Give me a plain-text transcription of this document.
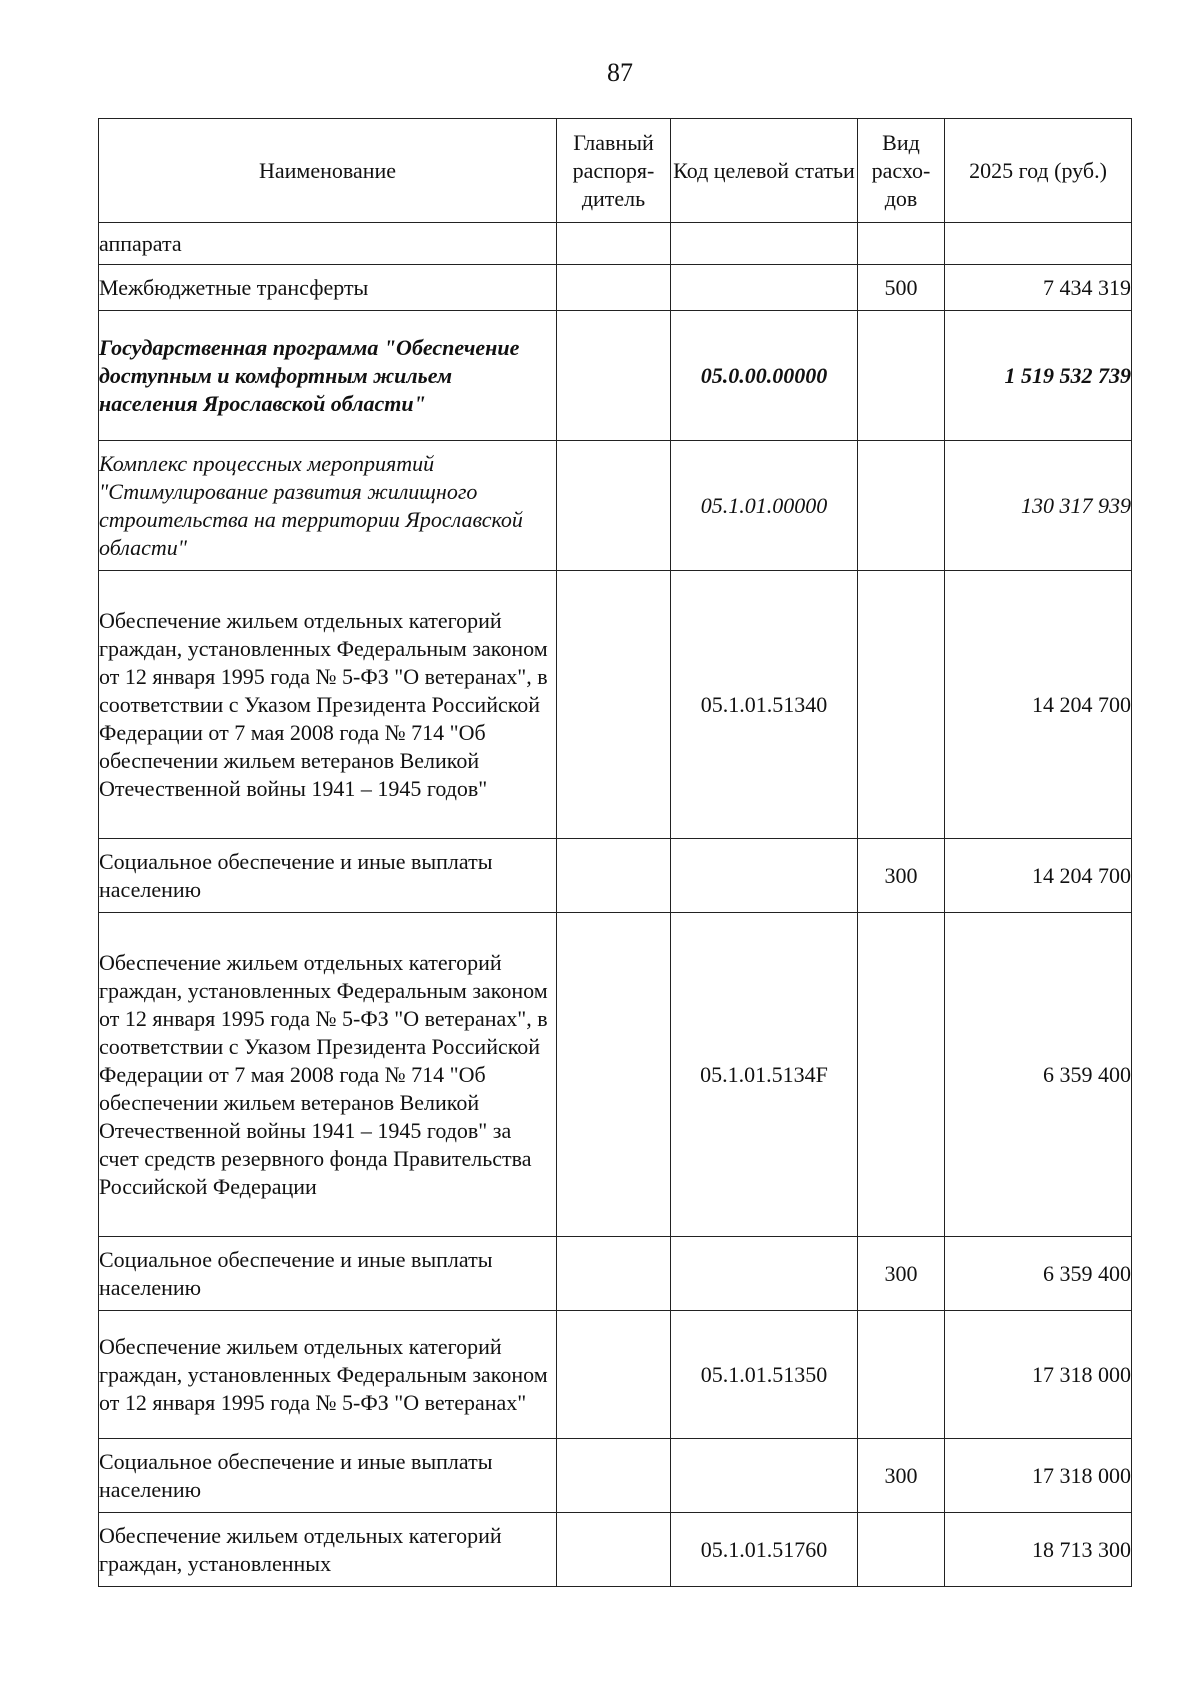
87
Наименование	Главный распоря-дитель	Код целевой статьи	Вид расхо-дов	2025 год (руб.)
аппарата				
Межбюджетные трансферты			500	7 434 319
Государственная программа "Обеспечение доступным и комфортным жильем населения Ярославской области"		05.0.00.00000		1 519 532 739
Комплекс процессных мероприятий "Стимулирование развития жилищного строительства на территории Ярославской области"		05.1.01.00000		130 317 939
Обеспечение жильем отдельных категорий граждан, установленных Федеральным законом от 12 января 1995 года № 5-ФЗ "О ветеранах", в соответствии с Указом Президента Российской Федерации от 7 мая 2008 года № 714 "Об обеспечении жильем ветеранов Великой Отечественной войны 1941 – 1945 годов"		05.1.01.51340		14 204 700
Социальное обеспечение и иные выплаты населению			300	14 204 700
Обеспечение жильем отдельных категорий граждан, установленных Федеральным законом от 12 января 1995 года № 5-ФЗ "О ветеранах", в соответствии с Указом Президента Российской Федерации от 7 мая 2008 года № 714 "Об обеспечении жильем ветеранов Великой Отечественной войны 1941 – 1945 годов" за счет средств резервного фонда Правительства Российской Федерации		05.1.01.5134F		6 359 400
Социальное обеспечение и иные выплаты населению			300	6 359 400
Обеспечение жильем отдельных категорий граждан, установленных Федеральным законом от 12 января 1995 года № 5-ФЗ "О ветеранах"		05.1.01.51350		17 318 000
Социальное обеспечение и иные выплаты населению			300	17 318 000
Обеспечение жильем отдельных категорий граждан, установленных		05.1.01.51760		18 713 300
